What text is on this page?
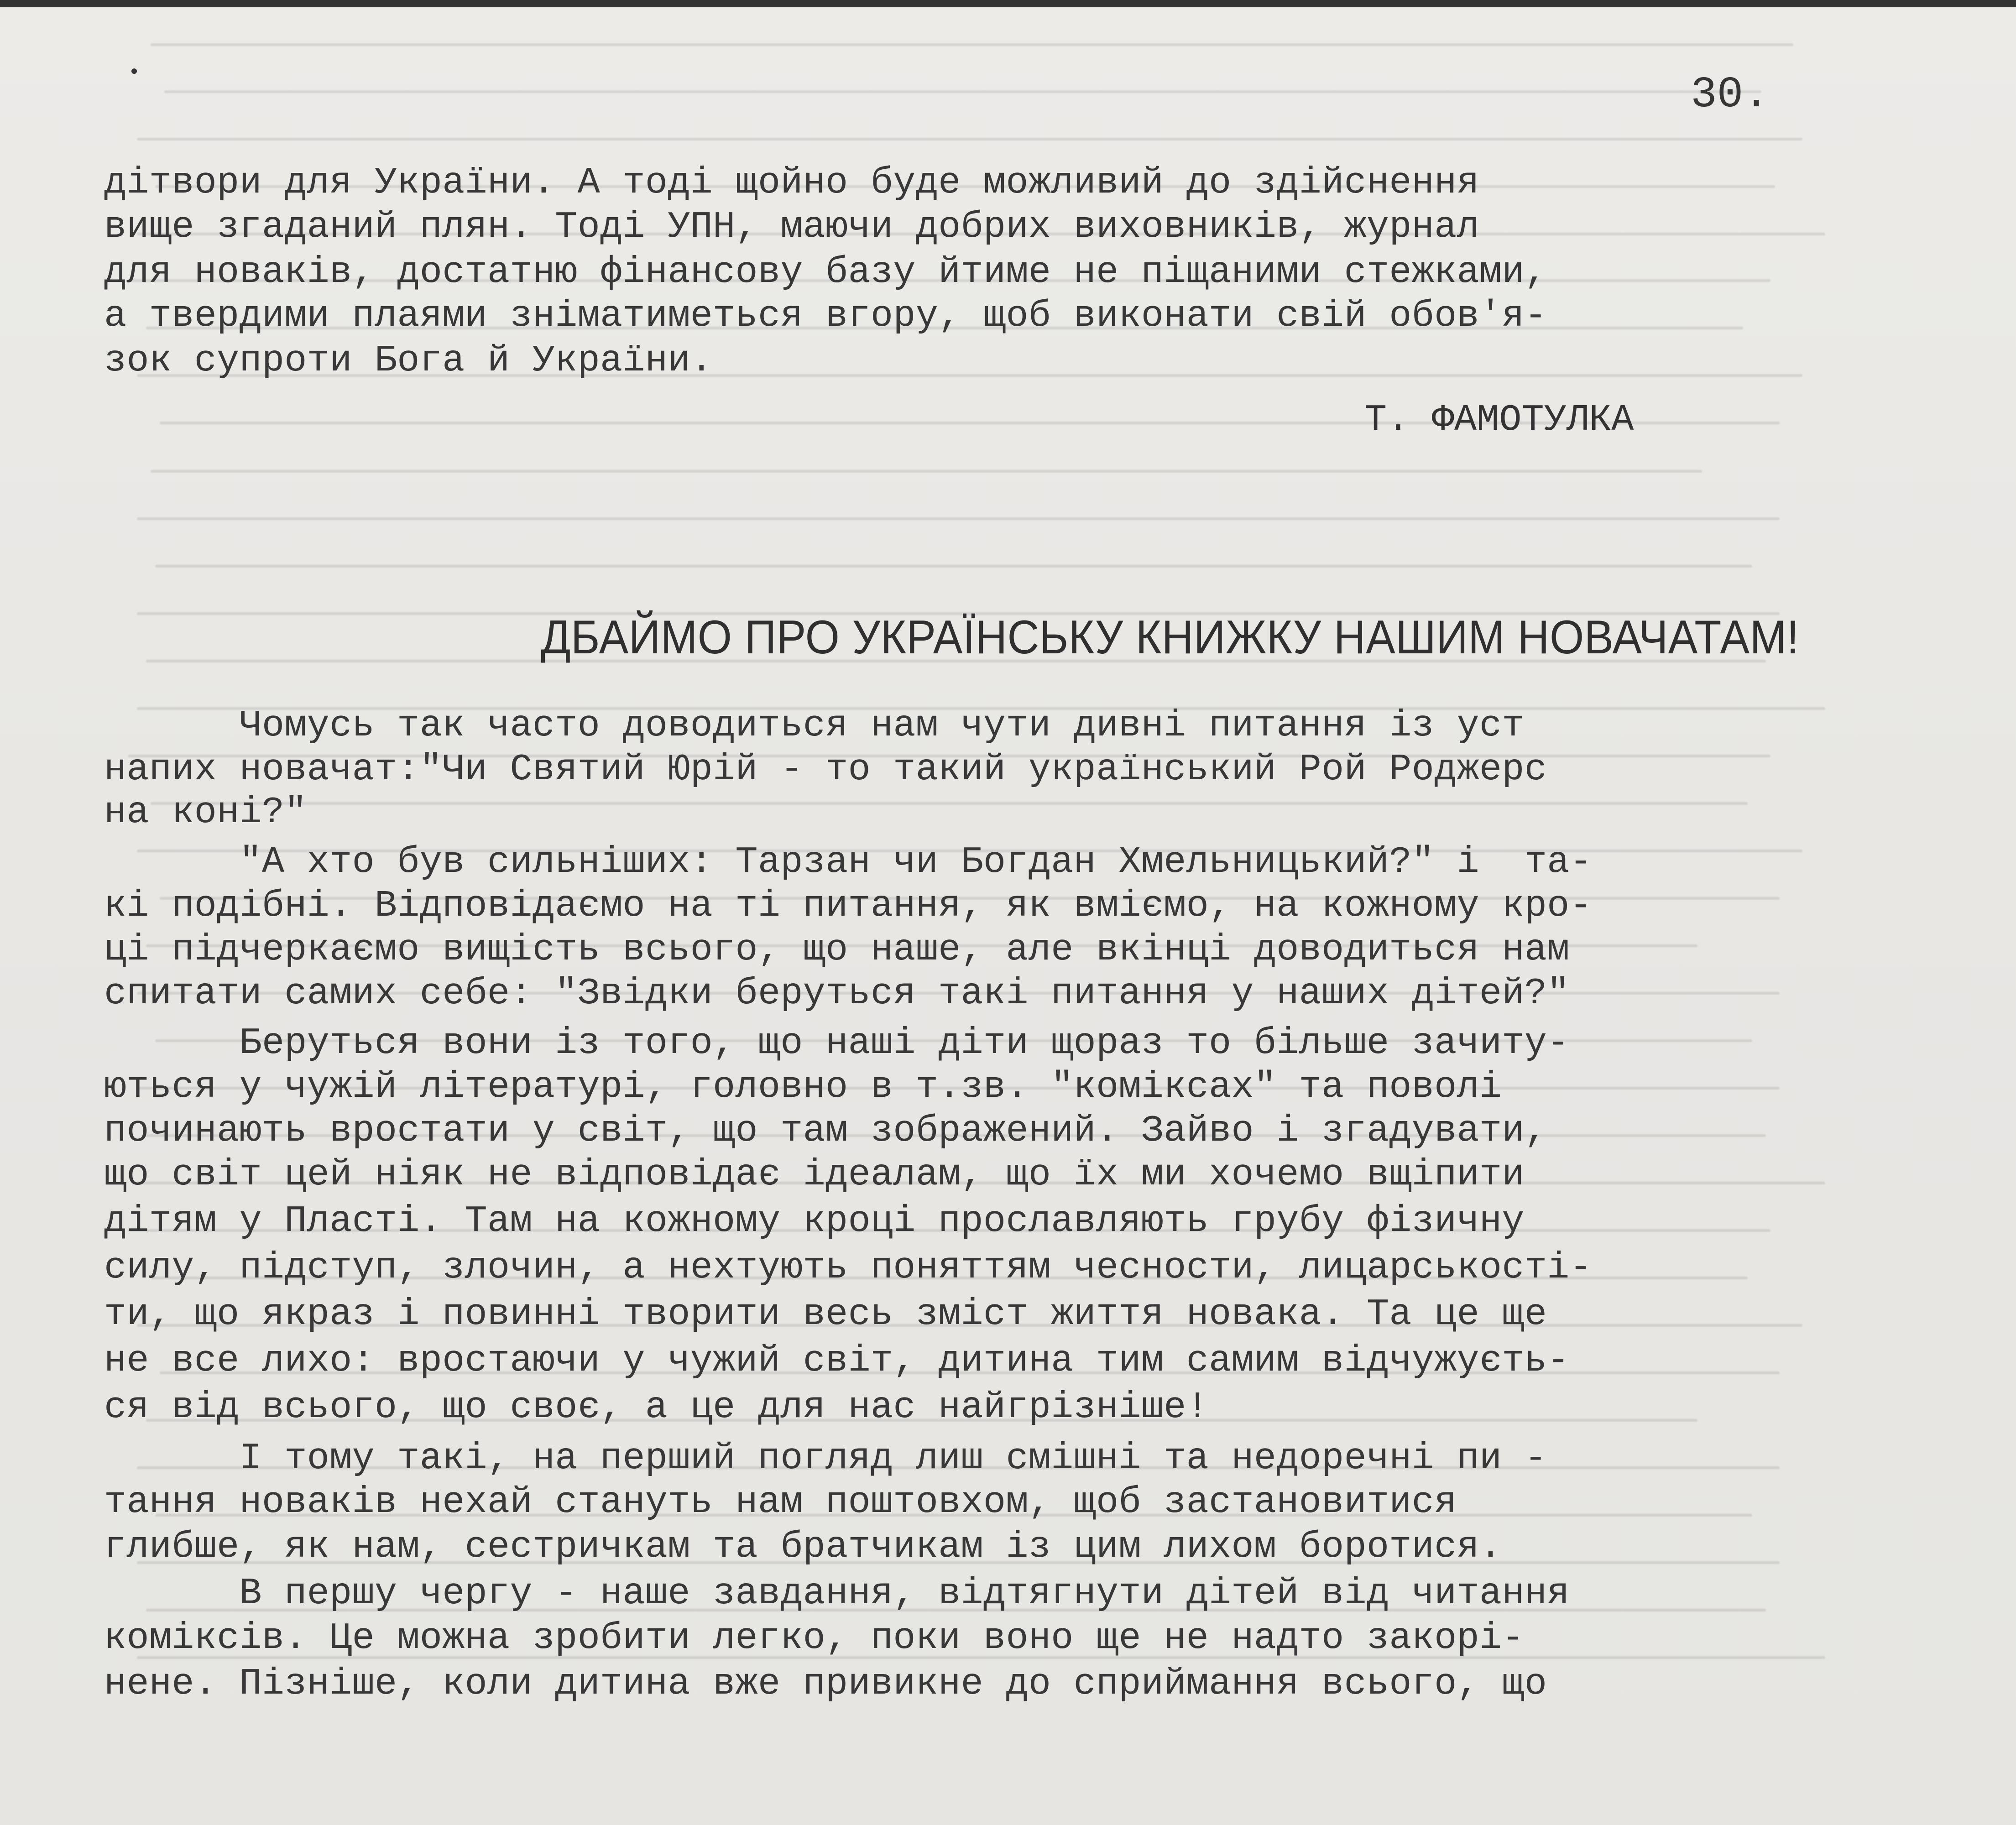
30.
дітвори для України. А тоді щойно буде можливий до здійснення
вище згаданий плян. Тоді УПН, маючи добрих виховників, журнал
для новаків, достатню фінансову базу йтиме не піщаними стежками,
а твердими плаями зніматиметься вгору, щоб виконати свій обов'я-
зок супроти Бога й України.
Т. ФАМОТУЛКА
ДБАЙМО ПРО УКРАЇНСЬКУ КНИЖКУ НАШИМ НОВАЧАТАМ!
Чомусь так часто доводиться нам чути дивні питання із уст
напих новачат:"Чи Святий Юрій - то такий український Рой Роджерс
на коні?"
"А хто був сильніших: Тарзан чи Богдан Хмельницький?" і  та-
кі подібні. Відповідаємо на ті питання, як вміємо, на кожному кро-
ці підчеркаємо вищість всього, що наше, але вкінці доводиться нам
спитати самих себе: "Звідки беруться такі питання у наших дітей?"
Беруться вони із того, що наші діти щораз то більше зачиту-
ються у чужій літературі, головно в т.зв. "коміксах" та поволі
починають вростати у світ, що там зображений. Зайво і згадувати,
що світ цей ніяк не відповідає ідеалам, що їх ми хочемо вщіпити
дітям у Пласті. Там на кожному кроці прославляють грубу фізичну
силу, підступ, злочин, а нехтують поняттям чесности, лицарськості-
ти, що якраз і повинні творити весь зміст життя новака. Та це ще
не все лихо: вростаючи у чужий світ, дитина тим самим відчужуєть-
ся від всього, що своє, а це для нас найгрізніше!
І тому такі, на перший погляд лиш смішні та недоречні пи -
тання новаків нехай стануть нам поштовхом, щоб застановитися
глибше, як нам, сестричкам та братчикам із цим лихом боротися.
В першу чергу - наше завдання, відтягнути дітей від читання
коміксів. Це можна зробити легко, поки воно ще не надто закорі-
нене. Пізніше, коли дитина вже привикне до сприймання всього, що
